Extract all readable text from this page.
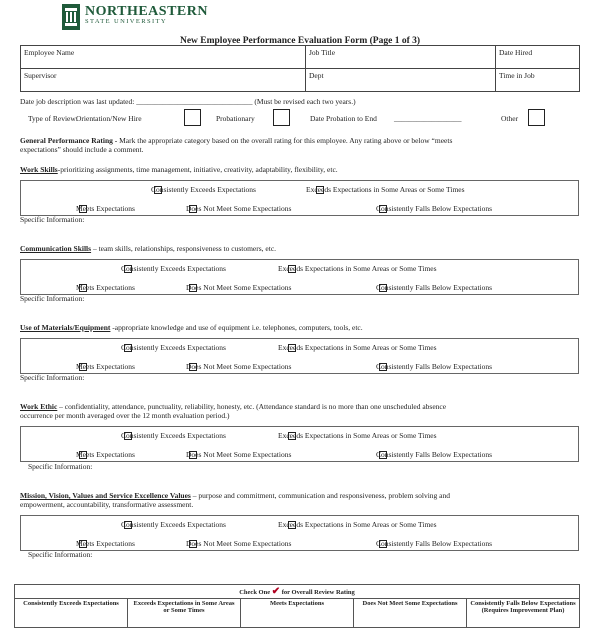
NORTHEASTERN
STATE UNIVERSITY
New Employee Performance Evaluation Form (Page 1 of 3)
Employee Name	Job Title	Date Hired
Supervisor	Dept	Time in Job
Date job description was last updated: _______________________________ (Must be revised each two years.)
Type of Review:
Orientation/New Hire	Probationary	Date Probation to End __________________	Other
General Performance Rating - Mark the appropriate category based on the overall rating for this employee. Any rating above or below “meets
expectations” should include a comment.
Work Skills-prioritizing assignments, time management, initiative, creativity, adaptability, flexibility, etc.
Consistently Exceeds Expectations	Exceeds Expectations in Some Areas or Some Times
Meets Expectations	Does Not Meet Some Expectations	Consistently Falls Below Expectations
Specific Information:
Communication Skills – team skills, relationships, responsiveness to customers, etc.
Consistently Exceeds Expectations	Exceeds Expectations in Some Areas or Some Times
Meets Expectations	Does Not Meet Some Expectations	Consistently Falls Below Expectations
Specific Information:
Use of Materials/Equipment -appropriate knowledge and use of equipment i.e. telephones, computers, tools, etc.
Consistently Exceeds Expectations	Exceeds Expectations in Some Areas or Some Times
Meets Expectations	Does Not Meet Some Expectations	Consistently Falls Below Expectations
Specific Information:
Work Ethic – confidentiality, attendance, punctuality, reliability, honesty, etc. (Attendance standard is no more than one unscheduled absence
occurrence per month averaged over the 12 month evaluation period.)
Consistently Exceeds Expectations	Exceeds Expectations in Some Areas or Some Times
Meets Expectations	Does Not Meet Some Expectations	Consistently Falls Below Expectations
Specific Information:
Mission, Vision, Values and Service Excellence Values – purpose and commitment, communication and responsiveness, problem solving and
empowerment, accountability, transformative assessment.
Consistently Exceeds Expectations	Exceeds Expectations in Some Areas or Some Times
Meets Expectations	Does Not Meet Some Expectations	Consistently Falls Below Expectations
Specific Information:
Check One ✔ for Overall Review Rating
Consistently Exceeds Expectations	Exceeds Expectations in Some Areas or Some Times	Meets Expectations	Does Not Meet Some Expectations	Consistently Falls Below Expectations (Requires Improvement Plan)
